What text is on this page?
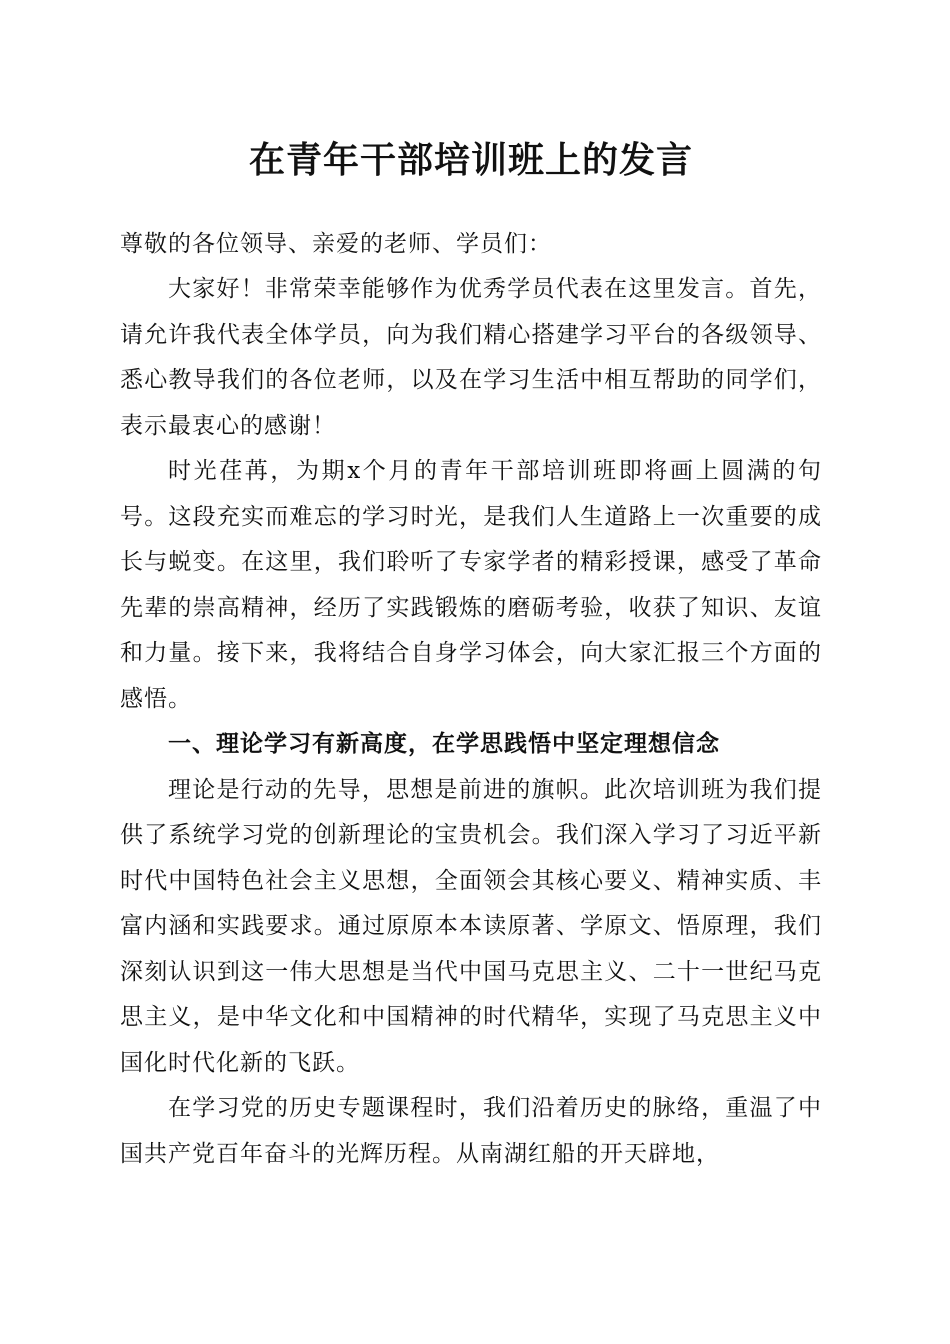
在青年干部培训班上的发言

尊敬的各位领导、亲爱的老师、学员们：

大家好！非常荣幸能够作为优秀学员代表在这里发言。首先，请允许我代表全体学员，向为我们精心搭建学习平台的各级领导、悉心教导我们的各位老师，以及在学习生活中相互帮助的同学们，表示最衷心的感谢！

时光荏苒，为期x个月的青年干部培训班即将画上圆满的句号。这段充实而难忘的学习时光，是我们人生道路上一次重要的成长与蜕变。在这里，我们聆听了专家学者的精彩授课，感受了革命先辈的崇高精神，经历了实践锻炼的磨砺考验，收获了知识、友谊和力量。接下来，我将结合自身学习体会，向大家汇报三个方面的感悟。

一、理论学习有新高度，在学思践悟中坚定理想信念

理论是行动的先导，思想是前进的旗帜。此次培训班为我们提供了系统学习党的创新理论的宝贵机会。我们深入学习了习近平新时代中国特色社会主义思想，全面领会其核心要义、精神实质、丰富内涵和实践要求。通过原原本本读原著、学原文、悟原理，我们深刻认识到这一伟大思想是当代中国马克思主义、二十一世纪马克思主义，是中华文化和中国精神的时代精华，实现了马克思主义中国化时代化新的飞跃。

在学习党的历史专题课程时，我们沿着历史的脉络，重温了中国共产党百年奋斗的光辉历程。从南湖红船的开天辟地，
